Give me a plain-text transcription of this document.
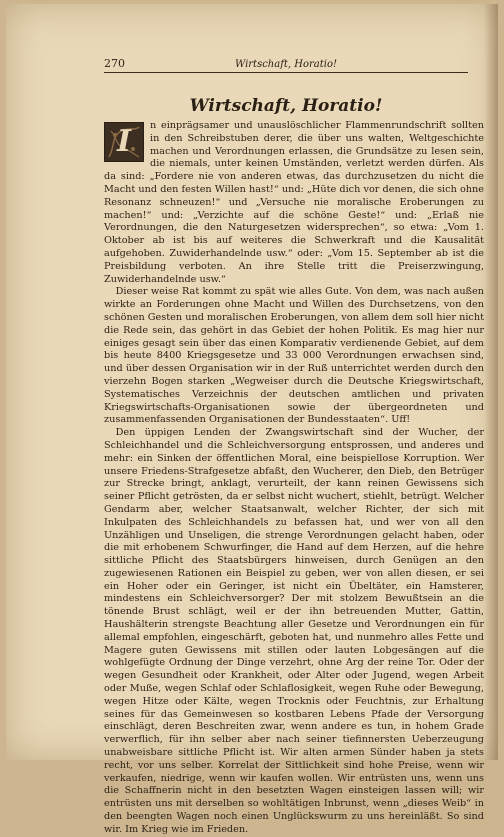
270	Wirtschaft, Horatio!
Wirtschaft, Horatio!

I	n einprägsamer und unauslöschlicher Flammenrundschrift sollten in den Schreibstuben derer, die über uns walten, Weltgeschichte machen und Verordnungen erlassen, die Grundsätze zu lesen sein, die niemals, unter keinen Umständen, verletzt werden dürfen. Als da sind: „Fordere nie von anderen etwas, das durchzusetzen du nicht die Macht und den festen Willen hast!“ und: „Hüte dich vor denen, die sich ohne Resonanz schneuzen!“ und „Versuche nie moralische Eroberungen zu machen!“ und: „Verzichte auf die schöne Geste!“ und: „Erlaß nie Verordnungen, die den Naturgesetzen widersprechen“, so etwa: „Vom 1. Oktober ab ist bis auf weiteres die Schwerkraft und die Kausalität aufgehoben. Zuwiderhandelnde usw.“ oder: „Vom 15. September ab ist die Preisbildung verboten. An ihre Stelle tritt die Preiserzwingung, Zuwiderhandelnde usw.“

Dieser weise Rat kommt zu spät wie alles Gute. Von dem, was nach außen wirkte an Forderungen ohne Macht und Willen des Durchsetzens, von den schönen Gesten und moralischen Eroberungen, von allem dem soll hier nicht die Rede sein, das gehört in das Gebiet der hohen Politik. Es mag hier nur einiges gesagt sein über das einen Komparativ verdienende Gebiet, auf dem bis heute 8400 Kriegsgesetze und 33 000 Verordnungen erwachsen sind, und über dessen Organisation wir in der Ruß unterrichtet werden durch den vierzehn Bogen starken „Wegweiser durch die Deutsche Kriegswirtschaft, Systematisches Verzeichnis der deutschen amtlichen und privaten Kriegswirtschafts-Organisationen sowie der übergeordneten und zusammenfassenden Organisationen der Bundesstaaten“. Uff!

Den üppigen Lenden der Zwangswirtschaft sind der Wucher, der Schleichhandel und die Schleichversorgung entsprossen, und anderes und mehr: ein Sinken der öffentlichen Moral, eine beispiellose Korruption. Wer unsere Friedens-Strafgesetze abfaßt, den Wucherer, den Dieb, den Betrüger zur Strecke bringt, anklagt, verurteilt, der kann reinen Gewissens sich seiner Pflicht getrösten, da er selbst nicht wuchert, stiehlt, betrügt. Welcher Gendarm aber, welcher Staatsanwalt, welcher Richter, der sich mit Inkulpaten des Schleichhandels zu befassen hat, und wer von all den Unzähligen und Unseligen, die strenge Verordnungen gelacht haben, oder die mit erhobenem Schwurfinger, die Hand auf dem Herzen, auf die hehre sittliche Pflicht des Staatsbürgers hinweisen, durch Genügen an den zugewiesenen Rationen ein Beispiel zu geben, wer von allen diesen, er sei ein Hoher oder ein Geringer, ist nicht ein Übeltäter, ein Hamsterer, mindestens ein Schleichversorger? Der mit stolzem Bewußtsein an die tönende Brust schlägt, weil er der ihn betreuenden Mutter, Gattin, Haushälterin strengste Beachtung aller Gesetze und Verordnungen ein für allemal empfohlen, eingeschärft, geboten hat, und nunmehro alles Fette und Magere guten Gewissens mit stillen oder lauten Lobgesängen auf die wohlgefügte Ordnung der Dinge verzehrt, ohne Arg der reine Tor. Oder der wegen Gesundheit oder Krankheit, oder Alter oder Jugend, wegen Arbeit oder Muße, wegen Schlaf oder Schlaflosigkeit, wegen Ruhe oder Bewegung, wegen Hitze oder Kälte, wegen Trocknis oder Feuchtnis, zur Erhaltung seines für das Gemeinwesen so kostbaren Lebens Pfade der Versorgung einschlägt, deren Beschreiten zwar, wenn andere es tun, in hohem Grade verwerflich, für ihn selber aber nach seiner tiefinnersten Ueberzeugung unabweisbare sittliche Pflicht ist. Wir alten armen Sünder haben ja stets recht, vor uns selber. Korrelat der Sittlichkeit sind hohe Preise, wenn wir verkaufen, niedrige, wenn wir kaufen wollen. Wir entrüsten uns, wenn uns die Schaffnerin nicht in den besetzten Wagen einsteigen lassen will; wir entrüsten uns mit derselben so wohltätigen Inbrunst, wenn „dieses Weib“ in den beengten Wagen noch einen Unglückswurm zu uns hereinläßt. So sind wir. Im Krieg wie im Frieden.
